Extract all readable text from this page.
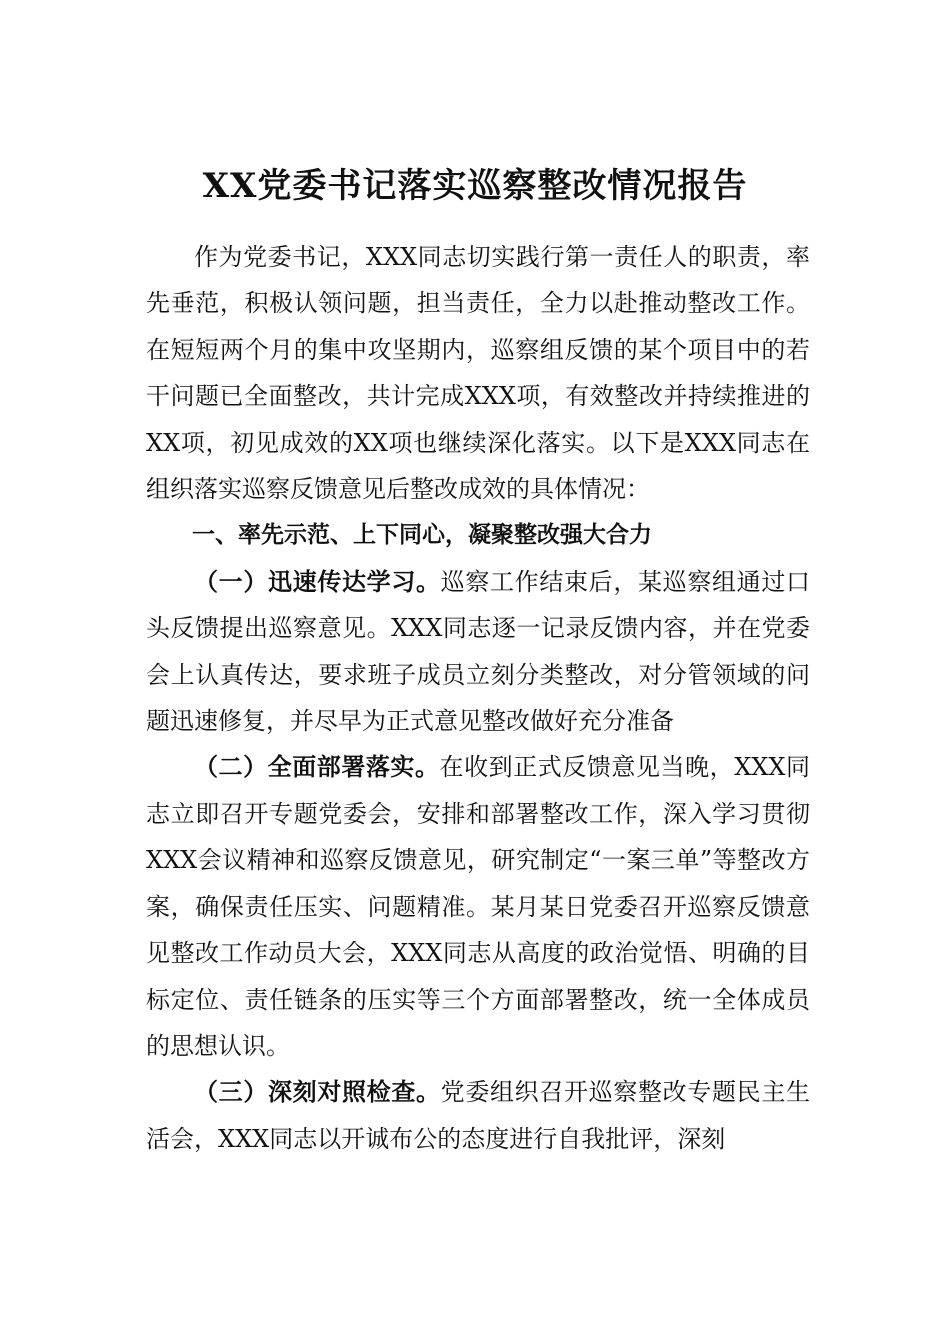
XX党委书记落实巡察整改情况报告

作为党委书记，XXX同志切实践行第一责任人的职责，率先垂范，积极认领问题，担当责任，全力以赴推动整改工作。在短短两个月的集中攻坚期内，巡察组反馈的某个项目中的若干问题已全面整改，共计完成XXX项，有效整改并持续推进的XX项，初见成效的XX项也继续深化落实。以下是XXX同志在组织落实巡察反馈意见后整改成效的具体情况：

一、率先示范、上下同心，凝聚整改强大合力

（一）迅速传达学习。巡察工作结束后，某巡察组通过口头反馈提出巡察意见。XXX同志逐一记录反馈内容，并在党委会上认真传达，要求班子成员立刻分类整改，对分管领域的问题迅速修复，并尽早为正式意见整改做好充分准备

（二）全面部署落实。在收到正式反馈意见当晚，XXX同志立即召开专题党委会，安排和部署整改工作，深入学习贯彻XXX会议精神和巡察反馈意见，研究制定“一案三单”等整改方案，确保责任压实、问题精准。某月某日党委召开巡察反馈意见整改工作动员大会，XXX同志从高度的政治觉悟、明确的目标定位、责任链条的压实等三个方面部署整改，统一全体成员的思想认识。

（三）深刻对照检查。党委组织召开巡察整改专题民主生活会，XXX同志以开诚布公的态度进行自我批评，深刻
